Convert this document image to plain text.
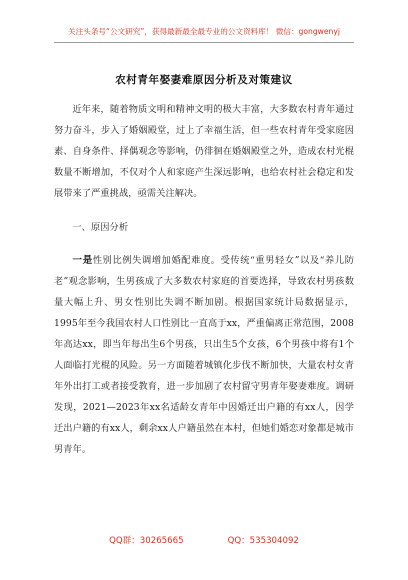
关注头条号“公文研究”，获得最新最全最专业的公文资料库！ 微信：gongwenyj
农村青年娶妻难原因分析及对策建议

近年来，随着物质文明和精神文明的极大丰富，大多数农村青年通过努力奋斗，步入了婚姻殿堂，过上了幸福生活，但一些农村青年受家庭因素、自身条件、择偶观念等影响，仍徘徊在婚姻殿堂之外，造成农村光棍数量不断增加，不仅对个人和家庭产生深远影响，也给农村社会稳定和发展带来了严重挑战，亟需关注解决。

一、原因分析

一是性别比例失调增加婚配难度。受传统“重男轻女”以及“养儿防老”观念影响，生男孩成了大多数农村家庭的首要选择，导致农村男孩数量大幅上升、男女性别比失调不断加剧。根据国家统计局数据显示，1995年至今我国农村人口性别比一直高于xx，严重偏离正常范围，2008年高达xx，即当年每出生6个男孩，只出生5个女孩，6个男孩中将有1个人面临打光棍的风险。另一方面随着城镇化步伐不断加快，大量农村女青年外出打工或者接受教育，进一步加剧了农村留守男青年娶妻难度。调研发现，2021—2023年xx名适龄女青年中因婚迁出户籍的有xx人，因学迁出户籍的有xx人，剩余xx人户籍虽然在本村，但她们婚恋对象都是城市男青年。

QQ群：30265665	QQ：535304092
